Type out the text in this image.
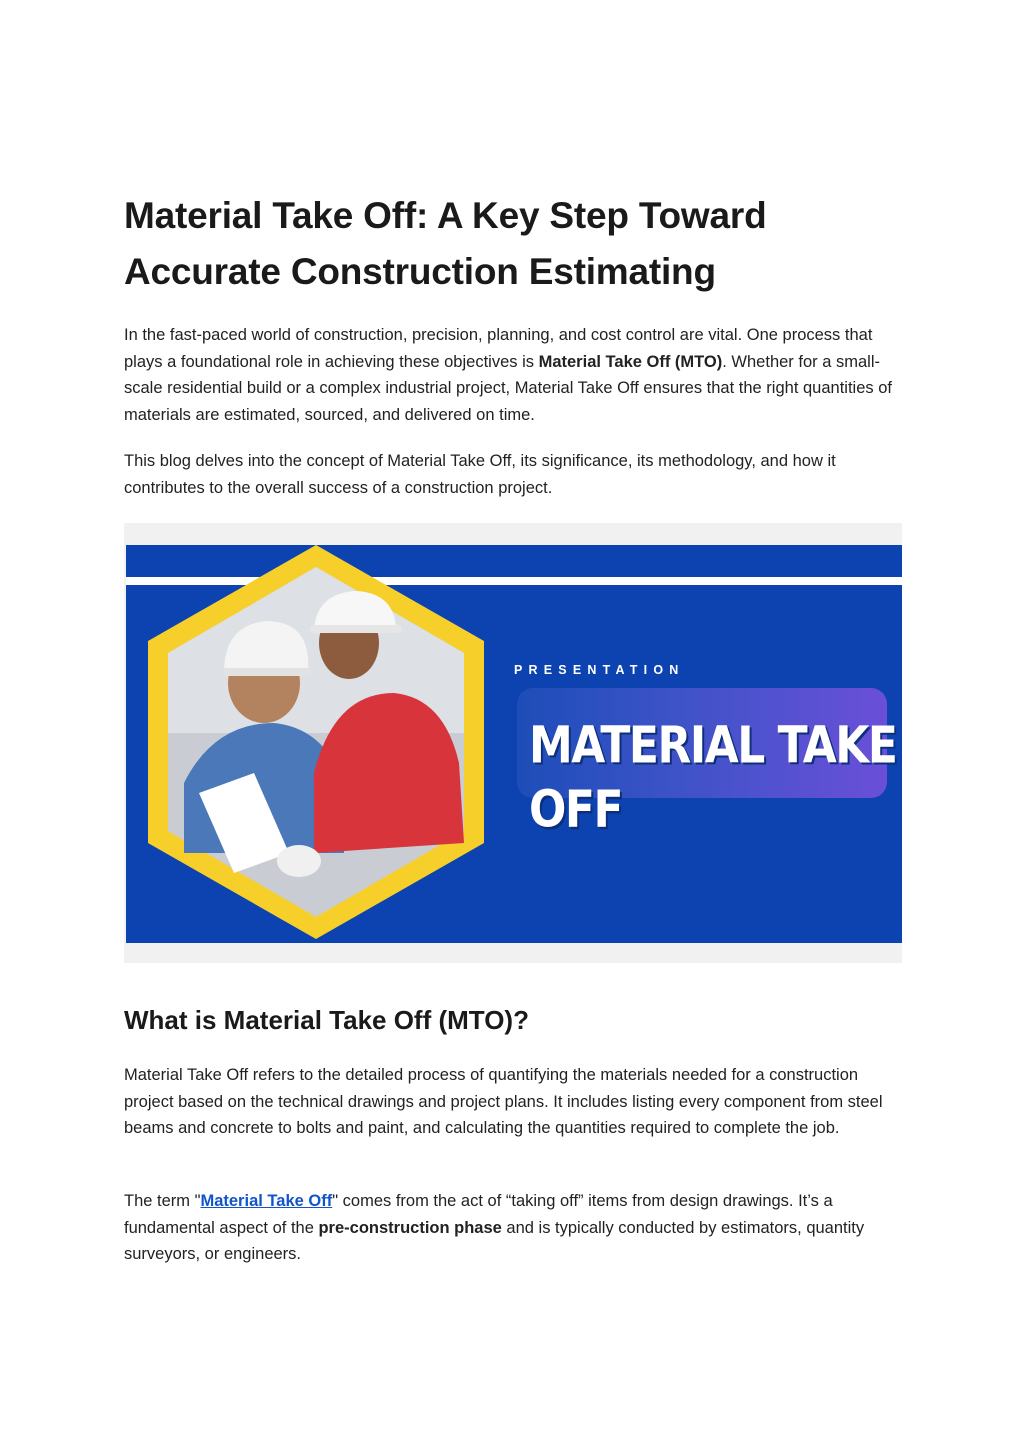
Material Take Off: A Key Step Toward Accurate Construction Estimating

In the fast-paced world of construction, precision, planning, and cost control are vital. One process that plays a foundational role in achieving these objectives is Material Take Off (MTO). Whether for a small-scale residential build or a complex industrial project, Material Take Off ensures that the right quantities of materials are estimated, sourced, and delivered on time.

This blog delves into the concept of Material Take Off, its significance, its methodology, and how it contributes to the overall success of a construction project.

What is Material Take Off (MTO)?

Material Take Off refers to the detailed process of quantifying the materials needed for a construction project based on the technical drawings and project plans. It includes listing every component from steel beams and concrete to bolts and paint, and calculating the quantities required to complete the job.

The term "Material Take Off" comes from the act of “taking off” items from design drawings. It’s a fundamental aspect of the pre-construction phase and is typically conducted by estimators, quantity surveyors, or engineers.

PRESENTATION
MATERIAL TAKE OFF
